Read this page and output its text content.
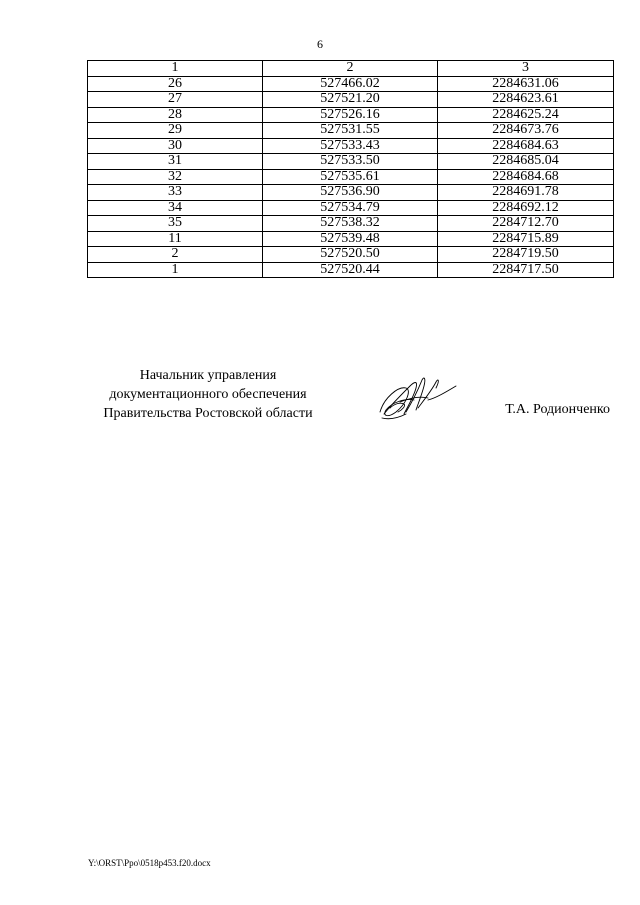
6
1	2	3
26	527466.02	2284631.06
27	527521.20	2284623.61
28	527526.16	2284625.24
29	527531.55	2284673.76
30	527533.43	2284684.63
31	527533.50	2284685.04
32	527535.61	2284684.68
33	527536.90	2284691.78
34	527534.79	2284692.12
35	527538.32	2284712.70
11	527539.48	2284715.89
2	527520.50	2284719.50
1	527520.44	2284717.50
Начальник управления
документационного обеспечения
Правительства Ростовской области	Т.А. Родионченко
Y:\ORST\Ppo\0518p453.f20.docx
